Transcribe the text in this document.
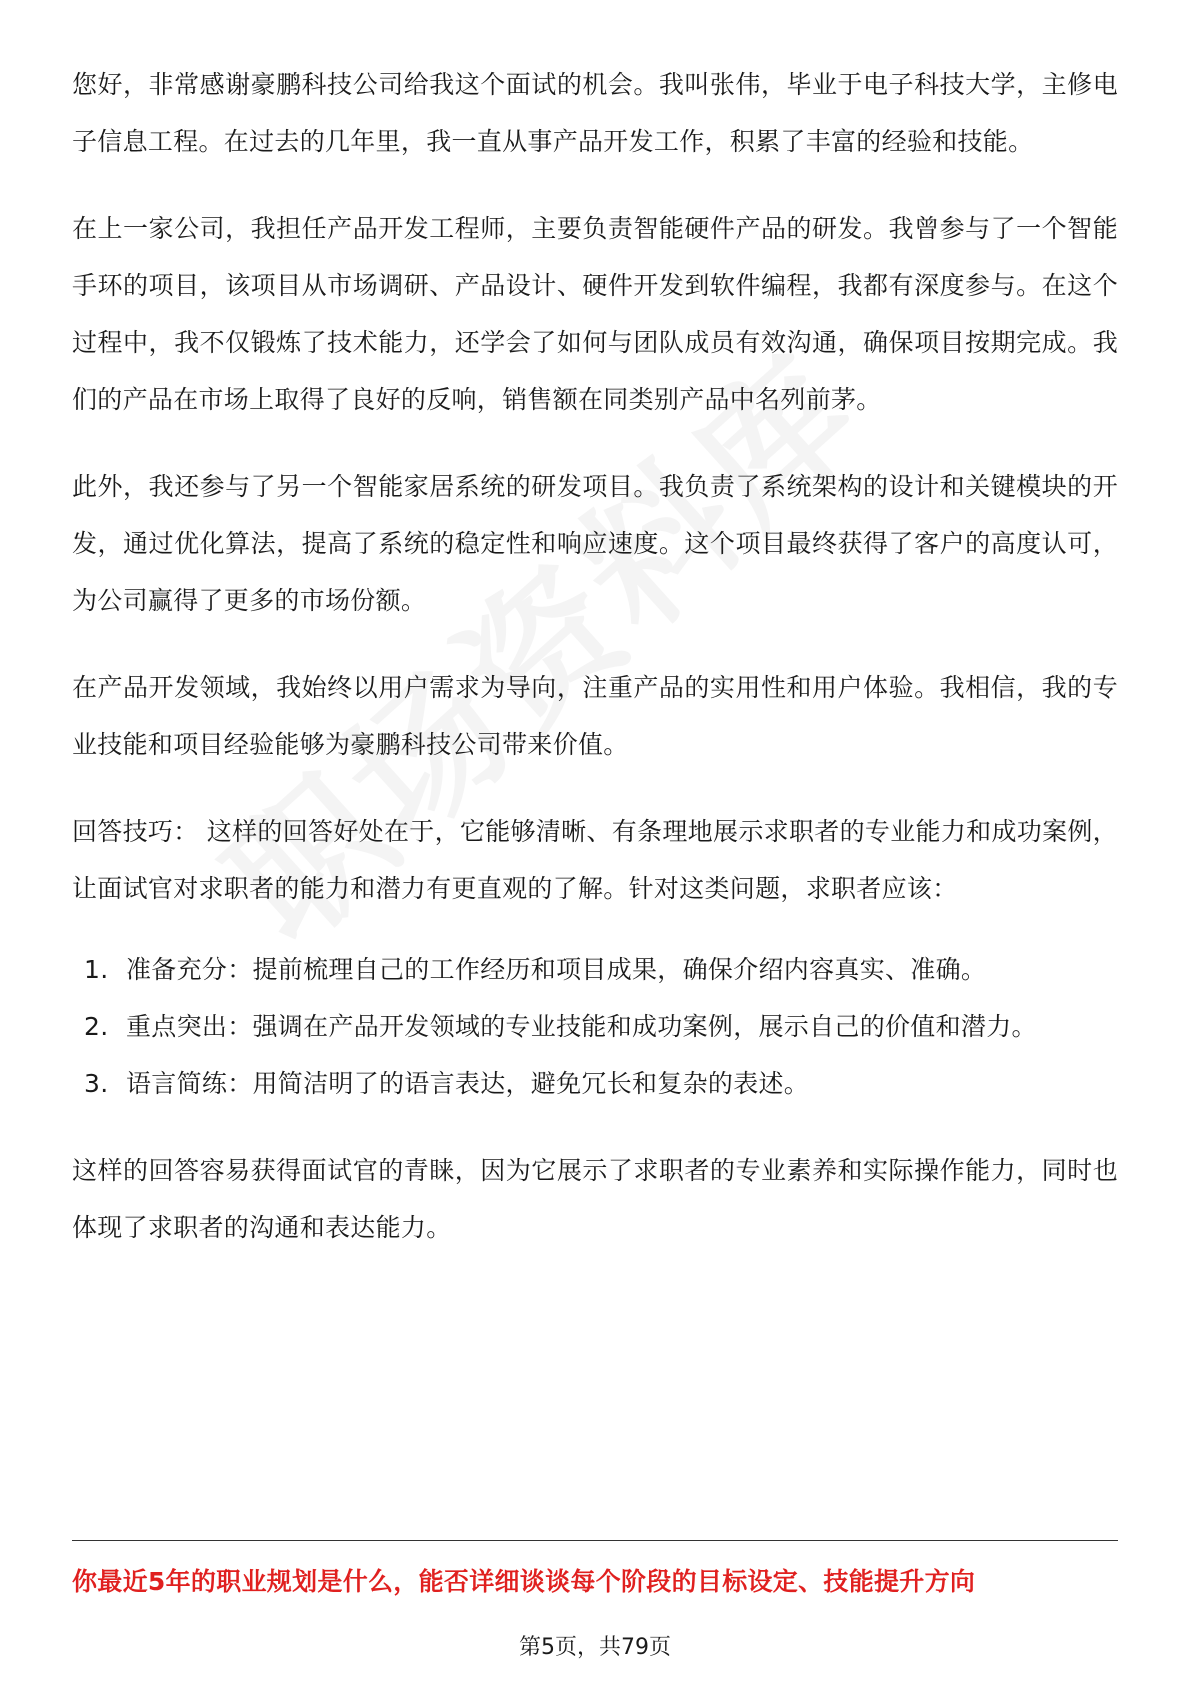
您好，非常感谢豪鹏科技公司给我这个面试的机会。我叫张伟，毕业于电子科技大学，主修电子信息工程。在过去的几年里，我一直从事产品开发工作，积累了丰富的经验和技能。

在上一家公司，我担任产品开发工程师，主要负责智能硬件产品的研发。我曾参与了一个智能手环的项目，该项目从市场调研、产品设计、硬件开发到软件编程，我都有深度参与。在这个过程中，我不仅锻炼了技术能力，还学会了如何与团队成员有效沟通，确保项目按期完成。我们的产品在市场上取得了良好的反响，销售额在同类别产品中名列前茅。

此外，我还参与了另一个智能家居系统的研发项目。我负责了系统架构的设计和关键模块的开发，通过优化算法，提高了系统的稳定性和响应速度。这个项目最终获得了客户的高度认可，为公司赢得了更多的市场份额。

在产品开发领域，我始终以用户需求为导向，注重产品的实用性和用户体验。我相信，我的专业技能和项目经验能够为豪鹏科技公司带来价值。

回答技巧： 这样的回答好处在于，它能够清晰、有条理地展示求职者的专业能力和成功案例，让面试官对求职者的能力和潜力有更直观的了解。针对这类问题，求职者应该：

1. 准备充分：提前梳理自己的工作经历和项目成果，确保介绍内容真实、准确。
2. 重点突出：强调在产品开发领域的专业技能和成功案例，展示自己的价值和潜力。
3. 语言简练：用简洁明了的语言表达，避免冗长和复杂的表述。

这样的回答容易获得面试官的青睐，因为它展示了求职者的专业素养和实际操作能力，同时也体现了求职者的沟通和表达能力。

你最近5年的职业规划是什么，能否详细谈谈每个阶段的目标设定、技能提升方向
第5页，共79页
